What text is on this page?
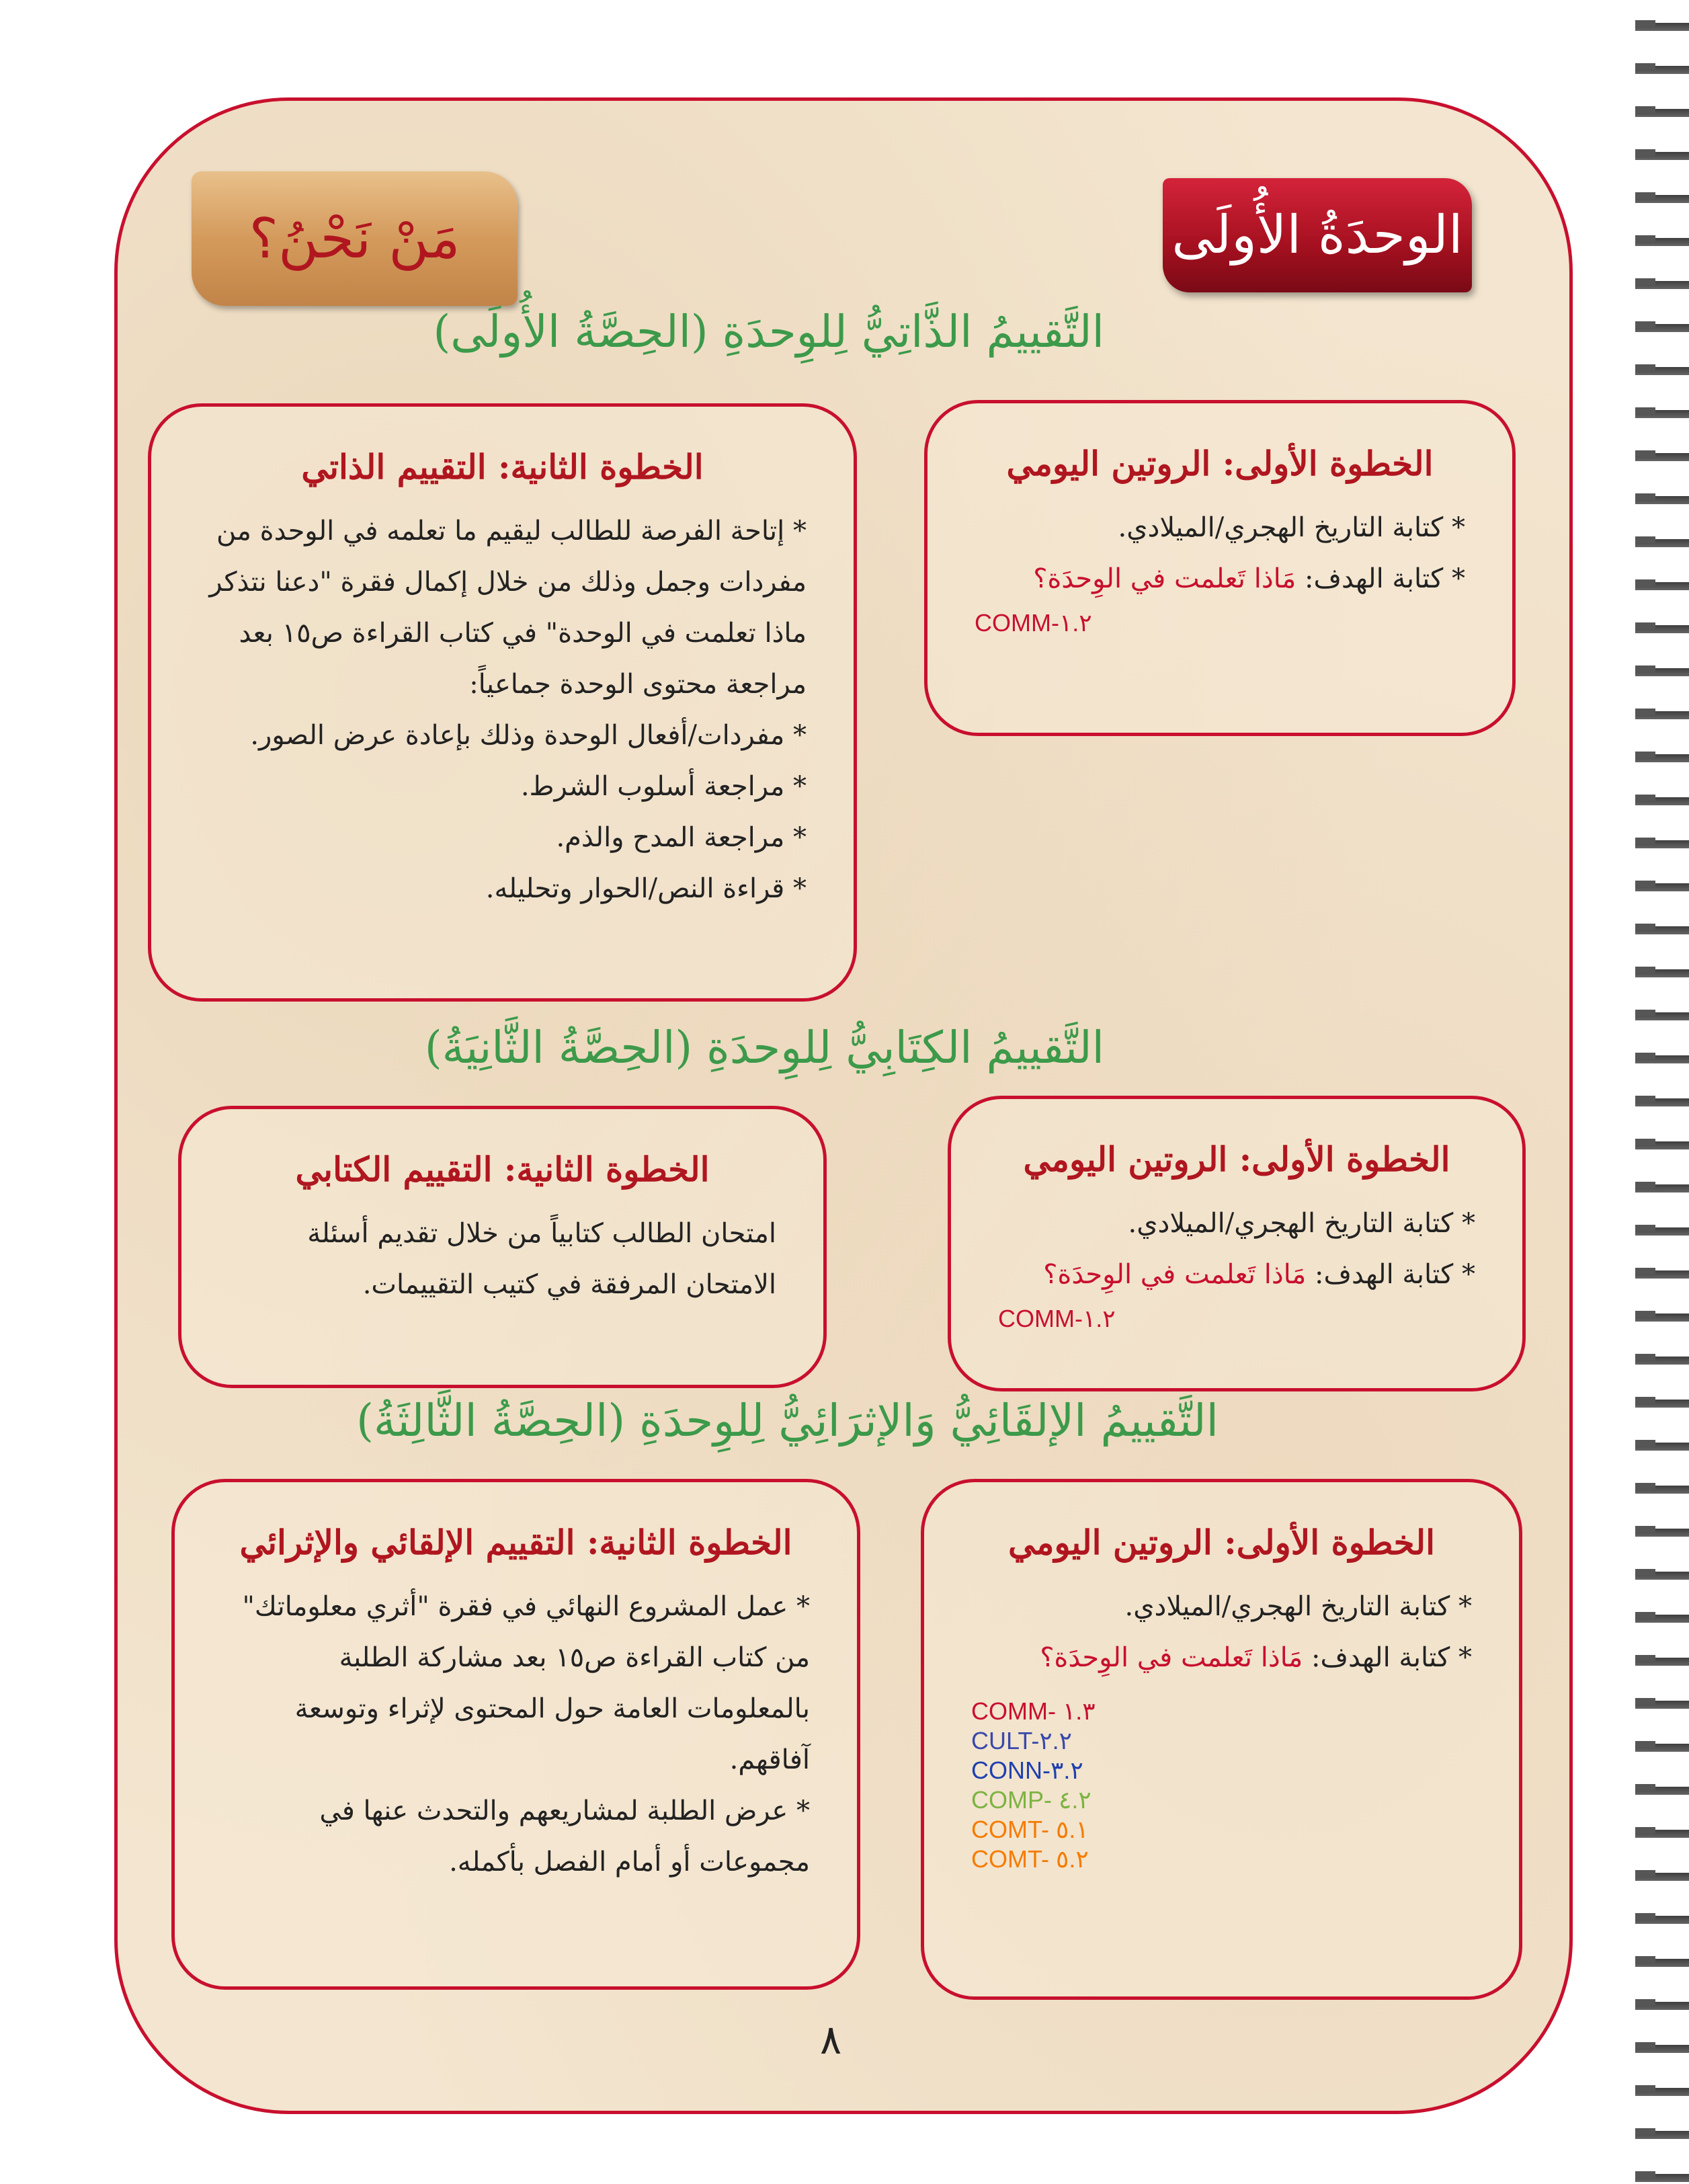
الوحدَةُ الأُولَى
مَنْ نَحْنُ؟
التَّقييمُ الذَّاتِيُّ لِلوِحدَةِ (الحِصَّةُ الأُولَى)
الخطوة الأولى: الروتين اليومي

* كتابة التاريخ الهجري/الميلادي.

* كتابة الهدف: مَاذا تَعلمت في الوِحدَة؟

COMM-١.٢
الخطوة الثانية: التقييم الذاتي

* إتاحة الفرصة للطالب ليقيم ما تعلمه في الوحدة من مفردات وجمل وذلك من خلال إكمال فقرة "دعنا نتذكر ماذا تعلمت في الوحدة" في كتاب القراءة ص١٥ بعد مراجعة محتوى الوحدة جماعياً:

* مفردات/أفعال الوحدة وذلك بإعادة عرض الصور.

* مراجعة أسلوب الشرط.

* مراجعة المدح والذم.

* قراءة النص/الحوار وتحليله.

التَّقييمُ الكِتَابِيُّ لِلوِحدَةِ (الحِصَّةُ الثَّانِيَةُ)
الخطوة الأولى: الروتين اليومي

* كتابة التاريخ الهجري/الميلادي.

* كتابة الهدف: مَاذا تَعلمت في الوِحدَة؟

COMM-١.٢
الخطوة الثانية: التقييم الكتابي

امتحان الطالب كتابياً من خلال تقديم أسئلة الامتحان المرفقة في كتيب التقييمات.

التَّقييمُ الإلقَائِيُّ وَالإثرَائِيُّ لِلوِحدَةِ (الحِصَّةُ الثَّالِثَةُ)
الخطوة الأولى: الروتين اليومي

* كتابة التاريخ الهجري/الميلادي.

* كتابة الهدف: مَاذا تَعلمت في الوِحدَة؟

COMM- ١.٣
CULT-٢.٢
CONN-٣.٢
COMP- ٤.٢
COMT- ٥.١
COMT- ٥.٢
الخطوة الثانية: التقييم الإلقائي والإثرائي

* عمل المشروع النهائي في فقرة "أثري معلوماتك" من كتاب القراءة ص١٥ بعد مشاركة الطلبة بالمعلومات العامة حول المحتوى لإثراء وتوسعة آفاقهم.

* عرض الطلبة لمشاريعهم والتحدث عنها في مجموعات أو أمام الفصل بأكمله.

٨
